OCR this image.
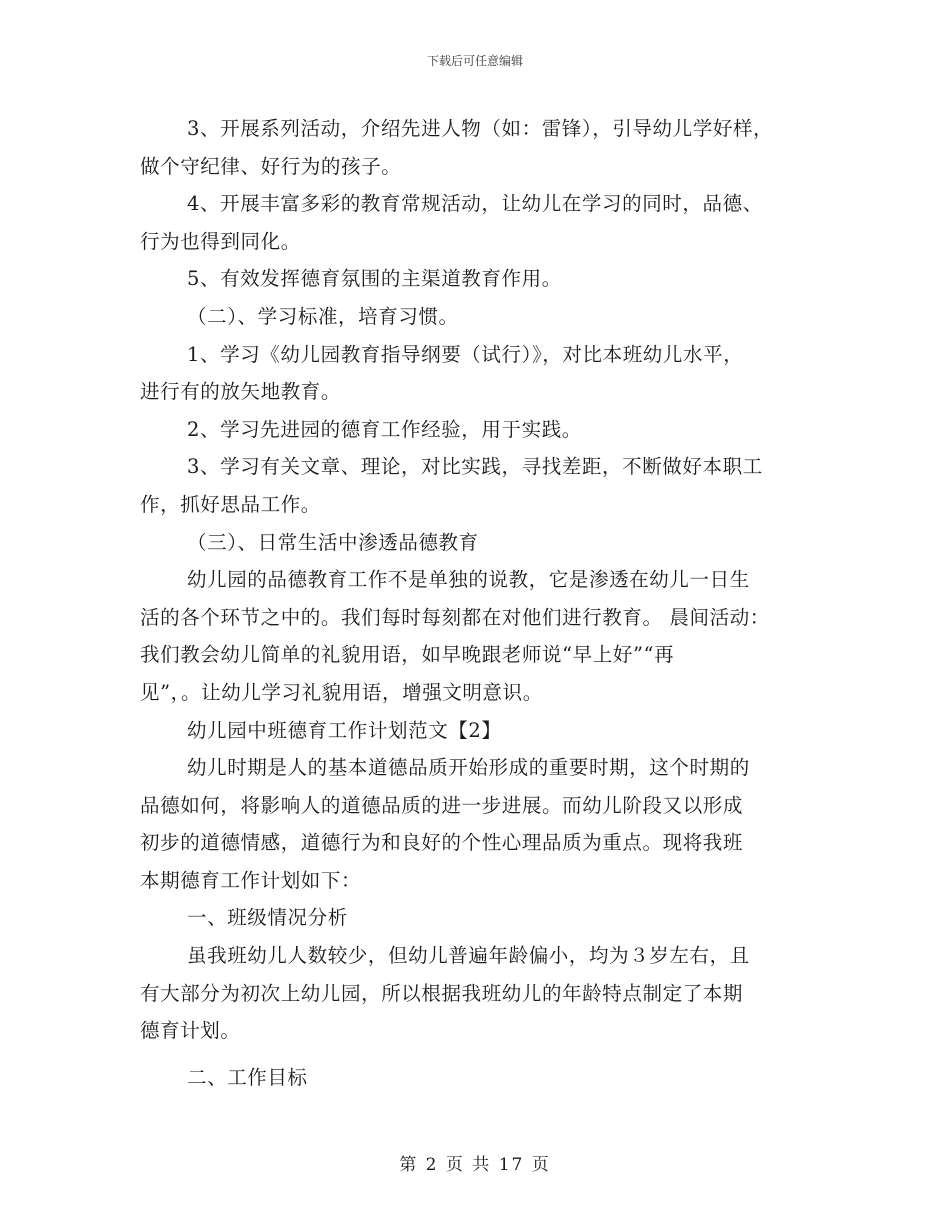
下载后可任意编辑

3、开展系列活动，介绍先进人物（如：雷锋），引导幼儿学好样，
做个守纪律、好行为的孩子。

4、开展丰富多彩的教育常规活动，让幼儿在学习的同时，品德、
行为也得到同化。

5、有效发挥德育氛围的主渠道教育作用。

（二）、学习标准，培育习惯。

1、学习《幼儿园教育指导纲要（试行）》，对比本班幼儿水平，
进行有的放矢地教育。

2、学习先进园的德育工作经验，用于实践。

3、学习有关文章、理论，对比实践，寻找差距，不断做好本职工
作，抓好思品工作。

（三）、日常生活中渗透品德教育

幼儿园的品德教育工作不是单独的说教，它是渗透在幼儿一日生
活的各个环节之中的。我们每时每刻都在对他们进行教育。 晨间活动：
我们教会幼儿简单的礼貌用语，如早晚跟老师说“早上好”“再
见”，。让幼儿学习礼貌用语，增强文明意识。

幼儿园中班德育工作计划范文【2】

幼儿时期是人的基本道德品质开始形成的重要时期，这个时期的
品德如何，将影响人的道德品质的进一步进展。而幼儿阶段又以形成
初步的道德情感，道德行为和良好的个性心理品质为重点。现将我班
本期德育工作计划如下：

一、班级情况分析

虽我班幼儿人数较少，但幼儿普遍年龄偏小，均为３岁左右，且
有大部分为初次上幼儿园，所以根据我班幼儿的年龄特点制定了本期
德育计划。

二、工作目标

第 2 页 共 17 页
